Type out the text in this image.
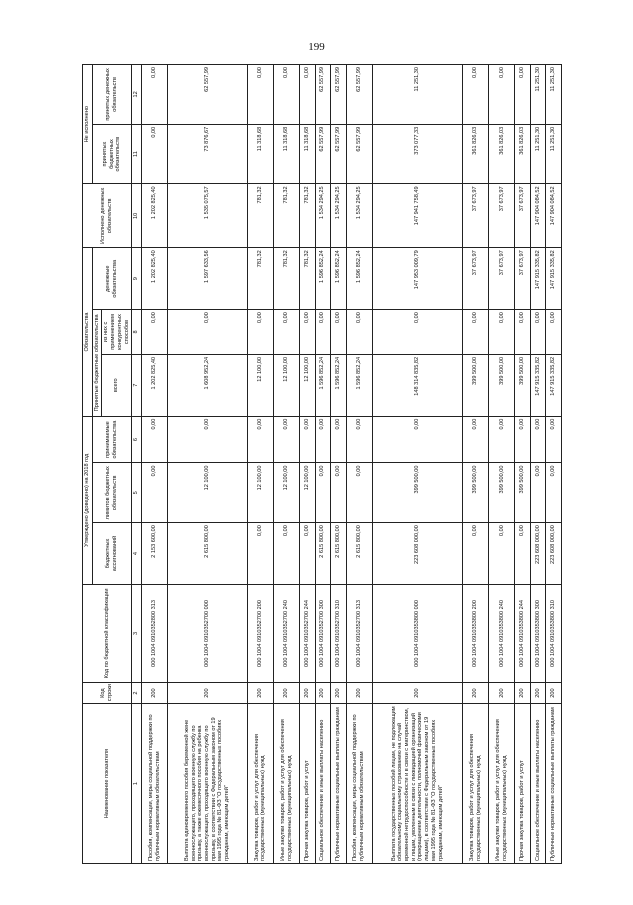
199
Наименование показателя	Код строки	Код по бюджетной классификации	Утверждено (доведено) на 2018 год			Обязательства			Исполнено денежных обязательств	Не исполнено	
			бюджетных ассигнований	лимитов бюджетных обязательств	принимаемые обязательства	Принятые бюджетные обязательства		денежные обязательства		принятых бюджетных обязательств	принятых денежных обязательств
						всего	из них с применением конкурентных способов				
1	2	3	4	5	6	7	8	9	10	11	12
Пособия, компенсации, меры социальной поддержки по публичным нормативным обязательствам	200	000 1004 0910352800 313	2 153 600,00	0,00	0,00	1 202 825,40	0,00	1 202 825,40	1 202 825,40	0,00	0,00
Выплата единовременного пособия беременной жене военнослужащего, проходящего военную службу по призыву, а также ежемесячного пособия на ребенка военнослужащего, проходящего военную службу по призыву, в соответствии с Федеральным законом от 19 мая 1995 года № 81-ФЗ "О государственных пособиях гражданам, имеющим детей"	200	000 1004 0910352700 000	2 615 800,00	12 100,00	0,00	1 608 952,24	0,00	1 597 633,56	1 535 075,57	73 876,67	62 557,99
Закупка товаров, работ и услуг для обеспечения государственных (муниципальных) нужд	200	000 1004 0910352700 200	0,00	12 100,00	0,00	12 100,00	0,00	781,32	781,32	11 318,68	0,00
Иные закупки товаров, работ и услуг для обеспечения государственных (муниципальных) нужд	200	000 1004 0910352700 240	0,00	12 100,00	0,00	12 100,00	0,00	781,32	781,32	11 318,68	0,00
Прочая закупка товаров, работ и услуг	200	000 1004 0910352700 244	0,00	12 100,00	0,00	12 100,00	0,00	781,32	781,32	11 318,68	0,00
Социальное обеспечение и иные выплаты населению	200	000 1004 0910352700 300	2 615 800,00	0,00	0,00	1 596 852,24	0,00	1 596 852,24	1 534 294,25	62 557,99	62 557,99
Публичные нормативные социальные выплаты гражданам	200	000 1004 0910352700 310	2 615 800,00	0,00	0,00	1 596 852,24	0,00	1 596 852,24	1 534 294,25	62 557,99	62 557,99
Пособия, компенсации, меры социальной поддержки по публичным нормативным обязательствам	200	000 1004 0910352700 313	2 615 800,00	0,00	0,00	1 596 852,24	0,00	1 596 852,24	1 534 294,25	62 557,99	62 557,99
Выплата государственных пособий лицам, не подлежащим обязательному социальному страхованию на случай временной нетрудоспособности и в связи с материнством, и лицам, уволенным в связи с ликвидацией организаций (прекращением деятельности, полномочий физическими лицами), в соответствии с Федеральным законом от 19 мая 1995 года № 81-ФЗ "О государственных пособиях гражданам, имеющим детей"	200	000 1004 0910353800 000	223 608 000,00	399 500,00	0,00	148 314 835,82	0,00	147 953 009,79	147 941 758,49	373 077,33	11 251,30
Закупка товаров, работ и услуг для обеспечения государственных (муниципальных) нужд	200	000 1004 0910353800 200	0,00	399 500,00	0,00	399 500,00	0,00	37 673,97	37 673,97	361 826,03	0,00
Иные закупки товаров, работ и услуг для обеспечения государственных (муниципальных) нужд	200	000 1004 0910353800 240	0,00	399 500,00	0,00	399 500,00	0,00	37 673,97	37 673,97	361 826,03	0,00
Прочая закупка товаров, работ и услуг	200	000 1004 0910353800 244	0,00	399 500,00	0,00	399 500,00	0,00	37 673,97	37 673,97	361 826,03	0,00
Социальное обеспечение и иные выплаты населению	200	000 1004 0910353800 300	223 608 000,00	0,00	0,00	147 915 335,82	0,00	147 915 335,82	147 904 084,52	11 251,30	11 251,30
Публичные нормативные социальные выплаты гражданам	200	000 1004 0910353800 310	223 608 000,00	0,00	0,00	147 915 335,82	0,00	147 915 335,82	147 904 084,52	11 251,30	11 251,30
